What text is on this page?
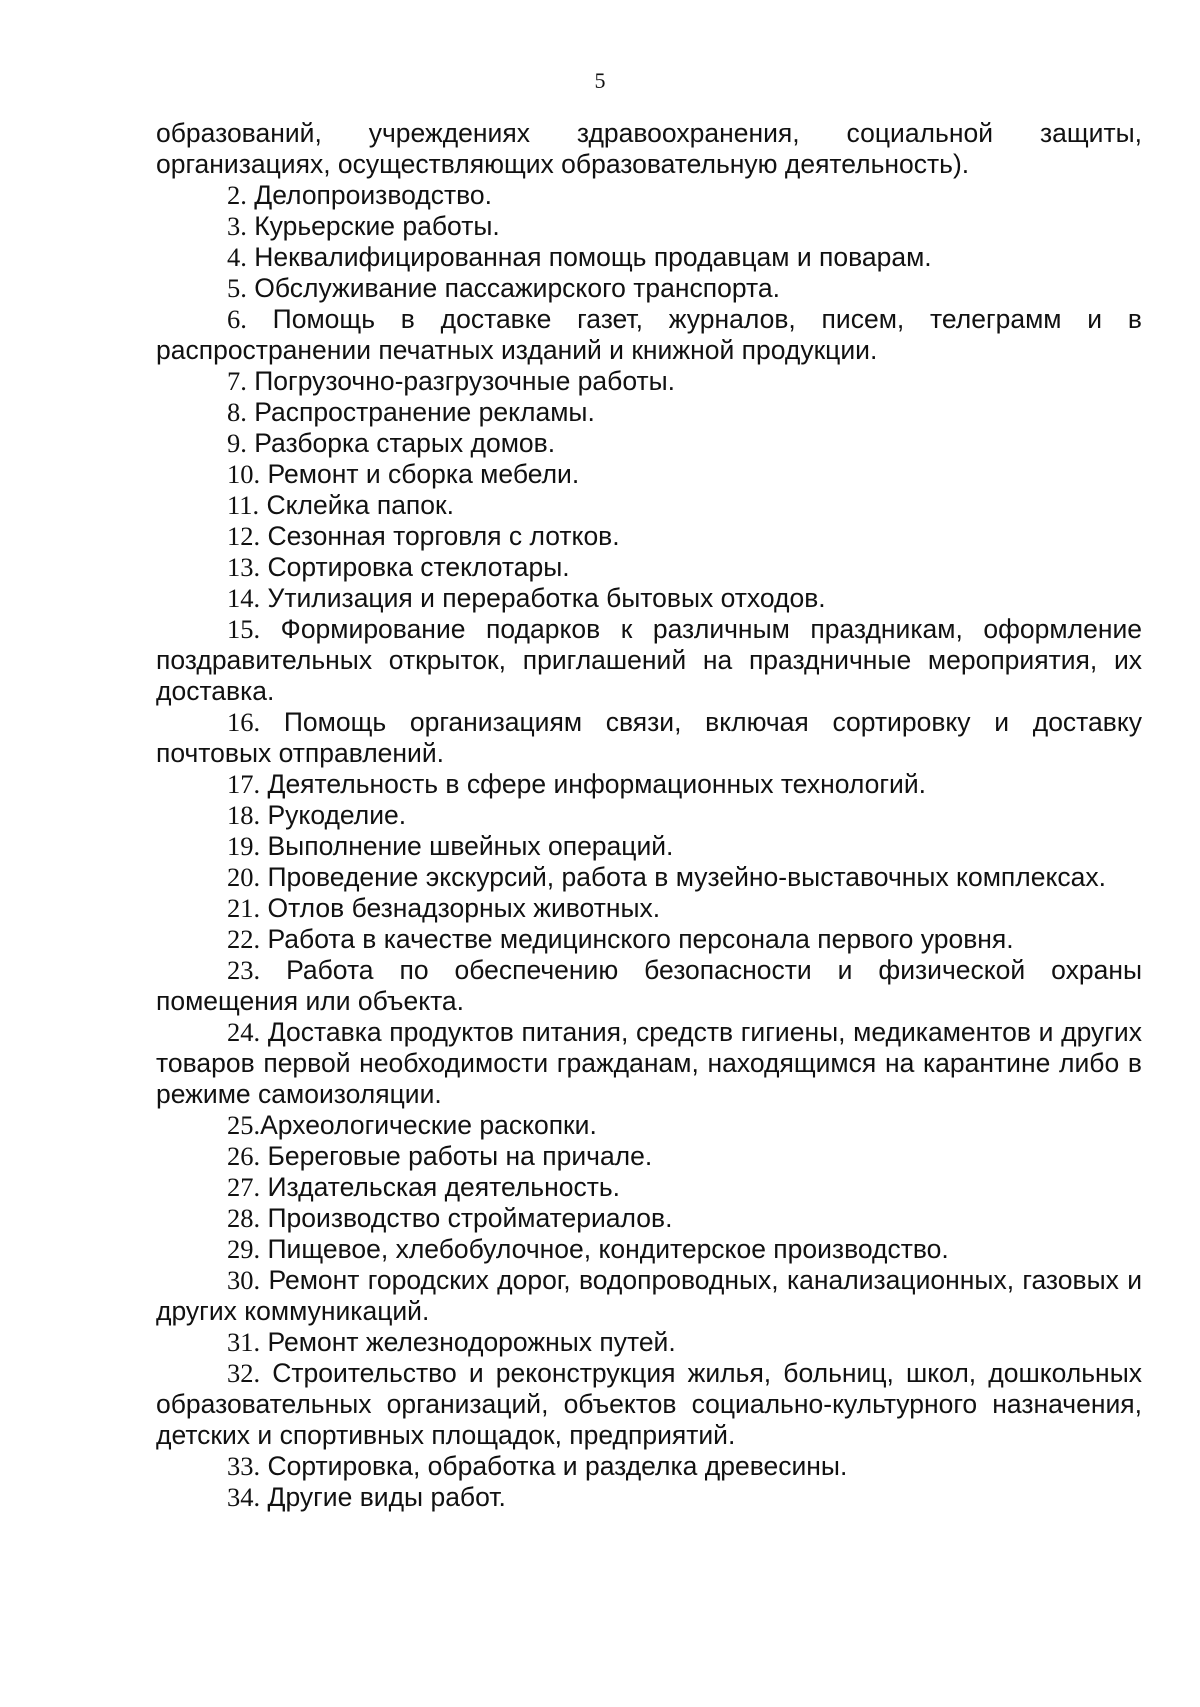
5

образований, учреждениях здравоохранения, социальной защиты, организациях, осуществляющих образовательную деятельность).

2. Делопроизводство.

3. Курьерские работы.

4. Неквалифицированная помощь продавцам и поварам.

5. Обслуживание пассажирского транспорта.

6. Помощь в доставке газет, журналов, писем, телеграмм и в распространении печатных изданий и книжной продукции.

7. Погрузочно-разгрузочные работы.

8. Распространение рекламы.

9. Разборка старых домов.

10. Ремонт и сборка мебели.

11. Склейка папок.

12. Сезонная торговля с лотков.

13. Сортировка стеклотары.

14. Утилизация и переработка бытовых отходов.

15. Формирование подарков к различным праздникам, оформление поздравительных открыток, приглашений на праздничные мероприятия, их доставка.

16. Помощь организациям связи, включая сортировку и доставку почтовых отправлений.

17. Деятельность в сфере информационных технологий.

18. Рукоделие.

19. Выполнение швейных операций.

20. Проведение экскурсий, работа в музейно-выставочных комплексах.

21. Отлов безнадзорных животных.

22. Работа в качестве медицинского персонала первого уровня.

23. Работа по обеспечению безопасности и физической охраны помещения или объекта.

24. Доставка продуктов питания, средств гигиены, медикаментов и других товаров первой необходимости гражданам, находящимся на карантине либо в режиме самоизоляции.

25.Археологические раскопки.

26. Береговые работы на причале.

27. Издательская деятельность.

28. Производство стройматериалов.

29. Пищевое, хлебобулочное, кондитерское производство.

30. Ремонт городских дорог, водопроводных, канализационных, газовых и других коммуникаций.

31. Ремонт железнодорожных путей.

32. Строительство и реконструкция жилья, больниц, школ, дошкольных образовательных организаций, объектов социально-культурного назначения, детских и спортивных площадок, предприятий.

33. Сортировка, обработка и разделка древесины.

34. Другие виды работ.
